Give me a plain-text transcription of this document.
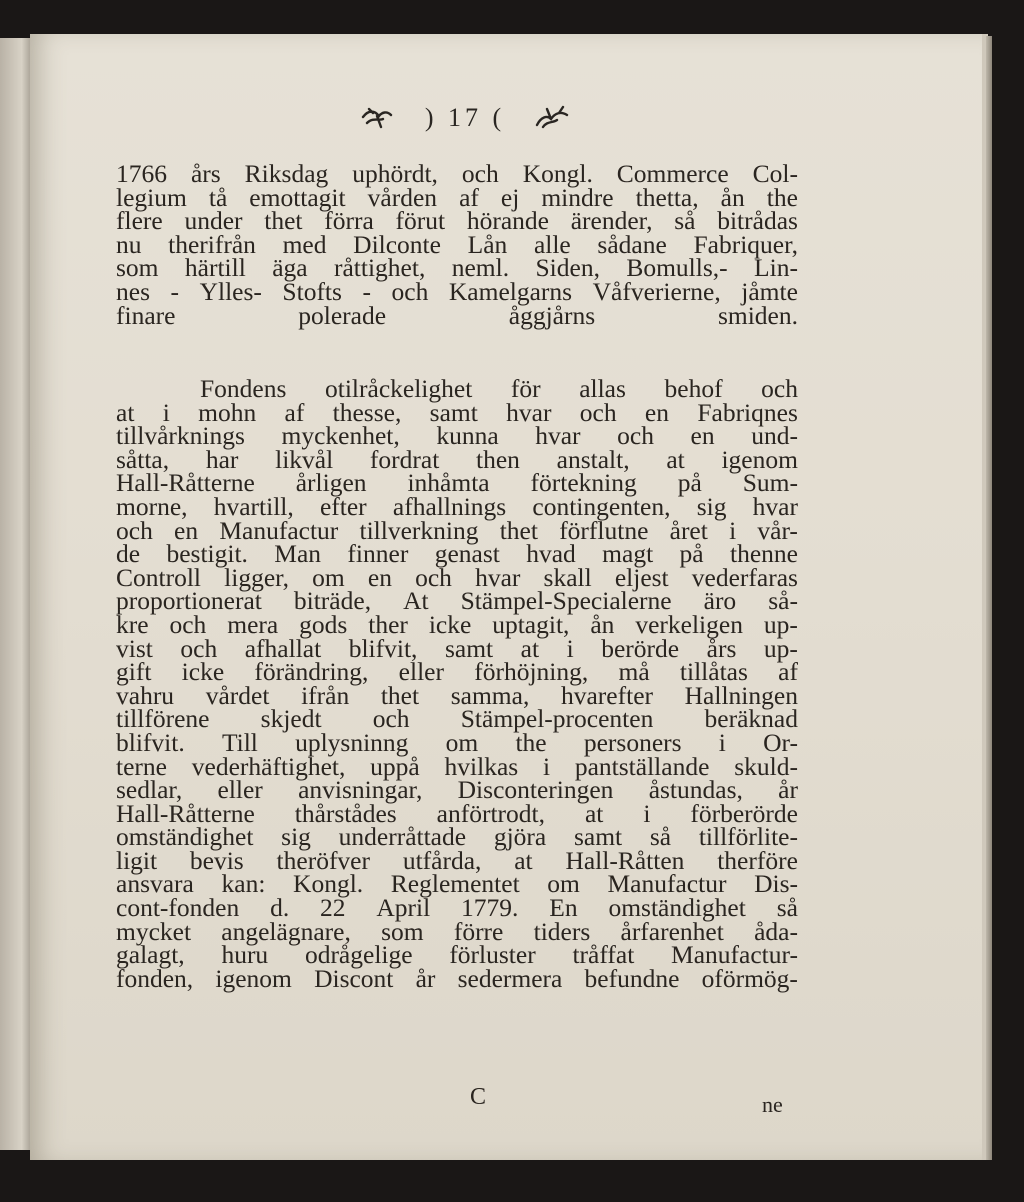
) 17 (
1766 års Riksdag uphördt, och Kongl. Commerce Col-
legium tå emottagit vården af ej mindre thetta, ån the
flere under thet förra förut hörande ärender, så bitrådas
nu therifrån med Dilconte Lån alle sådane Fabriquer,
som härtill äga råttighet, neml. Siden, Bomulls,- Lin-
nes - Ylles- Stofts - och Kamelgarns Våfverierne, jåmte
finare	polerade	åggjårns	smiden.
Fondens otilråckelighet för allas behof och
at i mohn af thesse, samt hvar och en Fabriqnes
tillvårknings myckenhet, kunna hvar och en und-
såtta, har likvål fordrat then anstalt, at igenom
Hall-Råtterne årligen inhåmta förtekning på Sum-
morne, hvartill, efter afhallnings contingenten, sig hvar
och en Manufactur tillverkning thet förflutne året i vår-
de bestigit. Man finner genast hvad magt på thenne
Controll ligger, om en och hvar skall eljest vederfaras
proportionerat biträde, At Stämpel-Specialerne äro så-
kre och mera gods ther icke uptagit, ån verkeligen up-
vist och afhallat blifvit, samt at i berörde års up-
gift icke förändring, eller förhöjning, må tillåtas af
vahru vårdet ifrån thet samma, hvarefter Hallningen
tillförene skjedt och Stämpel-procenten beräknad
blifvit. Till uplysninng om the personers i Or-
terne vederhäftighet, uppå hvilkas i pantställande skuld-
sedlar, eller anvisningar, Disconteringen åstundas, år
Hall-Råtterne thårstådes anförtrodt, at i förberörde
omständighet sig underråttade gjöra samt så tillförlite-
ligit bevis theröfver utfårda, at Hall-Råtten therföre
ansvara kan: Kongl. Reglementet om Manufactur Dis-
cont-fonden d. 22 April 1779. En omständighet så
mycket angelägnare, som förre tiders årfarenhet åda-
galagt, huru odrågelige förluster tråffat Manufactur-
fonden, igenom Discont år sedermera befundne oförmög-
C	ne
